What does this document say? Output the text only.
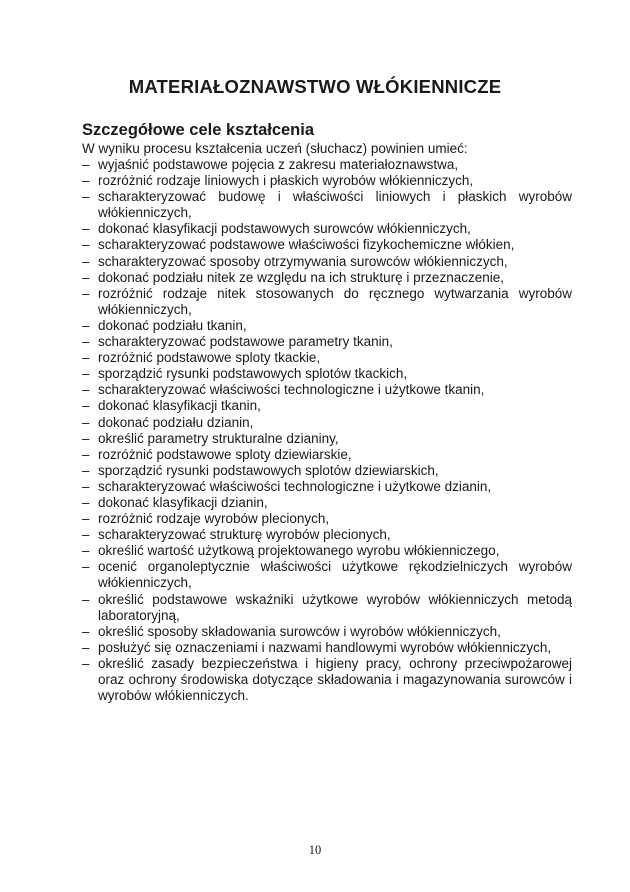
MATERIAŁOZNAWSTWO WŁÓKIENNICZE
Szczegółowe cele kształcenia

W wyniku procesu kształcenia uczeń (słuchacz) powinien umieć:

– wyjaśnić podstawowe pojęcia z zakresu materiałoznawstwa,
– rozróżnić rodzaje liniowych i płaskich wyrobów włókienniczych,
– scharakteryzować budowę i właściwości liniowych i płaskich wyrobów włókienniczych,
– dokonać klasyfikacji podstawowych surowców włókienniczych,
– scharakteryzować podstawowe właściwości fizykochemiczne włókien,
– scharakteryzować sposoby otrzymywania surowców włókienniczych,
– dokonać podziału nitek ze względu na ich strukturę i przeznaczenie,
– rozróżnić rodzaje nitek stosowanych do ręcznego wytwarzania wyrobów włókienniczych,
– dokonać podziału tkanin,
– scharakteryzować podstawowe parametry tkanin,
– rozróżnić podstawowe sploty tkackie,
– sporządzić rysunki podstawowych splotów tkackich,
– scharakteryzować właściwości technologiczne i użytkowe tkanin,
– dokonać klasyfikacji tkanin,
– dokonać podziału dzianin,
– określić parametry strukturalne dzianiny,
– rozróżnić podstawowe sploty dziewiarskie,
– sporządzić rysunki podstawowych splotów dziewiarskich,
– scharakteryzować właściwości technologiczne i użytkowe dzianin,
– dokonać klasyfikacji dzianin,
– rozróżnić rodzaje wyrobów plecionych,
– scharakteryzować strukturę wyrobów plecionych,
– określić wartość użytkową projektowanego wyrobu włókienniczego,
– ocenić organoleptycznie właściwości użytkowe rękodzielniczych wyrobów włókienniczych,
– określić podstawowe wskaźniki użytkowe wyrobów włókienniczych metodą laboratoryjną,
– określić sposoby składowania surowców i wyrobów włókienniczych,
– posłużyć się oznaczeniami i nazwami handlowymi wyrobów włókienniczych,
– określić zasady bezpieczeństwa i higieny pracy, ochrony przeciwpożarowej oraz ochrony środowiska dotyczące składowania i magazynowania surowców i wyrobów włókienniczych.
10
